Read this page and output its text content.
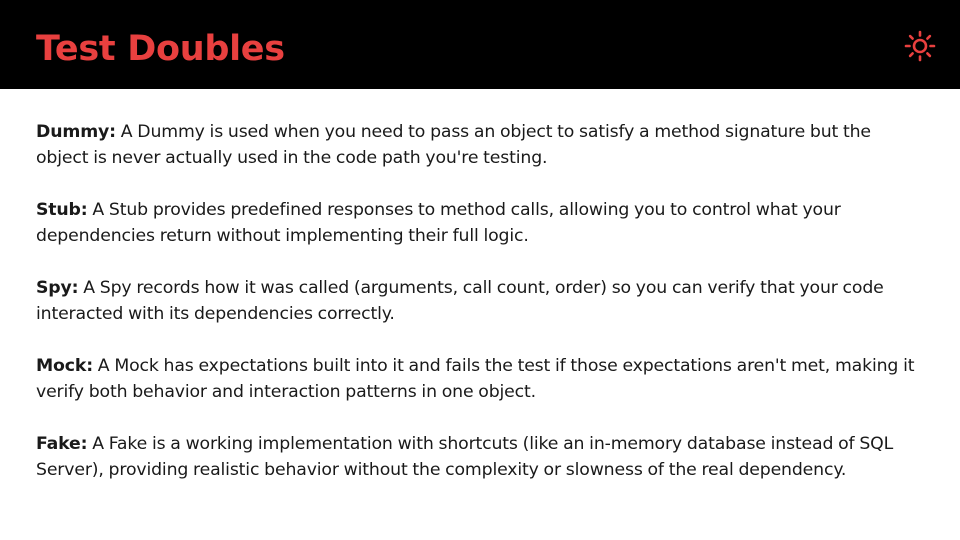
Test Doubles

Dummy: A Dummy is used when you need to pass an object to satisfy a method signature but the object is never actually used in the code path you're testing.

Stub: A Stub provides predefined responses to method calls, allowing you to control what your dependencies return without implementing their full logic.

Spy: A Spy records how it was called (arguments, call count, order) so you can verify that your code interacted with its dependencies correctly.

Mock: A Mock has expectations built into it and fails the test if those expectations aren't met, making it verify both behavior and interaction patterns in one object.

Fake: A Fake is a working implementation with shortcuts (like an in-memory database instead of SQL Server), providing realistic behavior without the complexity or slowness of the real dependency.
